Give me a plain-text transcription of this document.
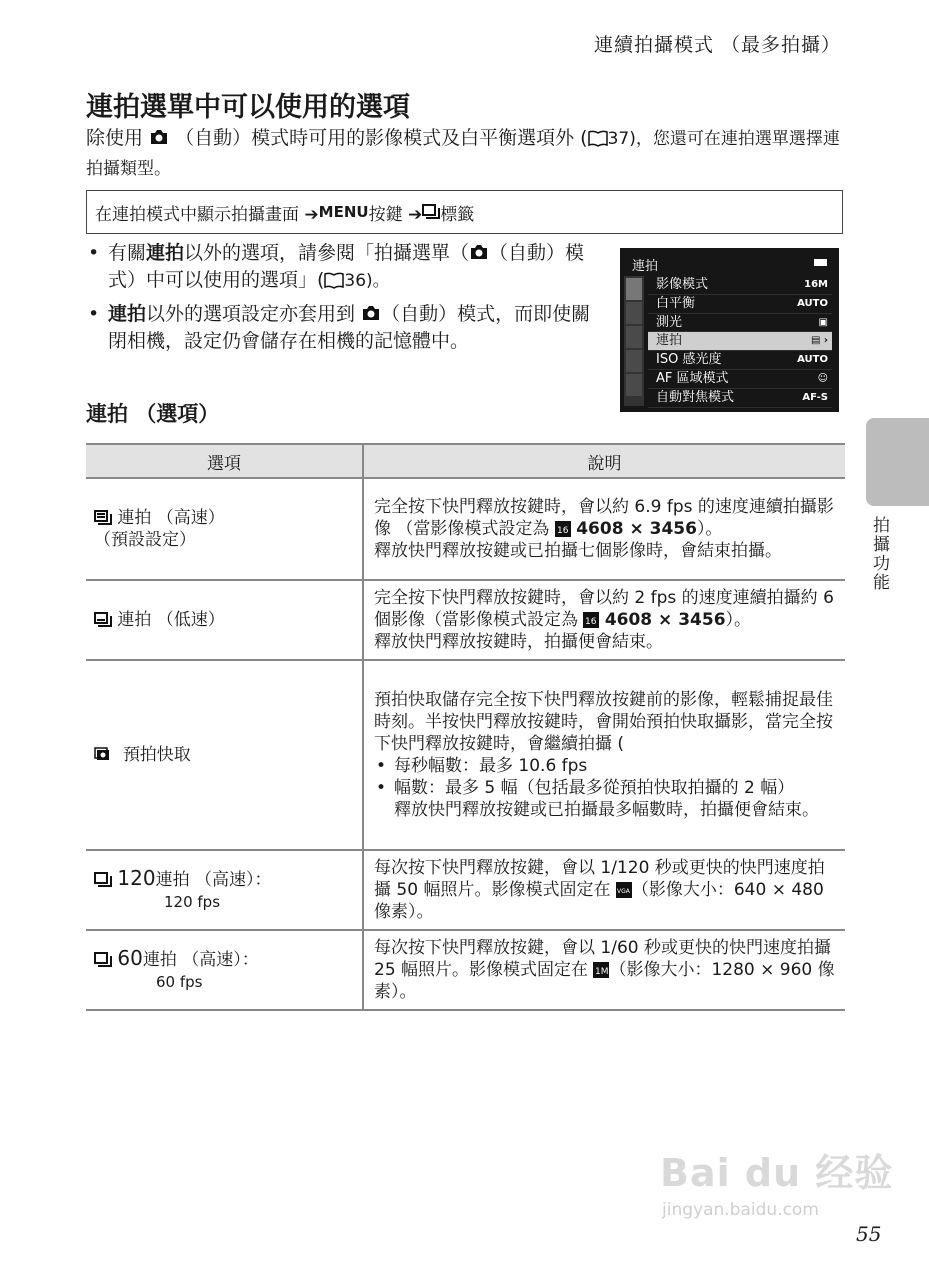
連續拍攝模式 （最多拍攝）
連拍選單中可以使用的選項
除使用 （自動）模式時可用的影像模式及白平衡選項外 ( 37)，您還可在連拍選單選擇連拍攝類型。
在連拍模式中顯示拍攝畫面 ➔ MENU 按鍵 ➔ 標籤
• 有關連拍以外的選項，請參閱「拍攝選單（ （自動）模式）中可以使用的選項」( 36)。
• 連拍以外的選項設定亦套用到 （自動）模式，而即使關閉相機，設定仍會儲存在相機的記憶體中。
連拍
影像模式	16M
白平衡	AUTO
測光	▣
連拍	▤ ›
ISO 感光度	AUTO
AF 區域模式	☺
自動對焦模式	AF-S
連拍 （選項）
選項	說明
連拍 （高速）
（預設設定）	完全按下快門釋放按鍵時，會以約 6.9 fps 的速度連續拍攝影像 （當影像模式設定為 16 4608 × 3456）。
釋放快門釋放按鍵或已拍攝七個影像時，會結束拍攝。
連拍 （低速）	完全按下快門釋放按鍵時，會以約 2 fps 的速度連續拍攝約 6 個影像（當影像模式設定為 16 4608 × 3456）。
釋放快門釋放按鍵時，拍攝便會結束。
預拍快取	預拍快取儲存完全按下快門釋放按鍵前的影像，輕鬆捕捉最佳時刻。半按快門釋放按鍵時，會開始預拍快取攝影，當完全按下快門釋放按鍵時，會繼續拍攝 (
• 每秒幅數：最多 10.6 fps
• 幅數：最多 5 幅（包括最多從預拍快取拍攝的 2 幅）
釋放快門釋放按鍵或已拍攝最多幅數時，拍攝便會結束。

120連拍 （高速）：
120 fps	每次按下快門釋放按鍵，會以 1/120 秒或更快的快門速度拍攝 50 幅照片。影像模式固定在 VGA （影像大小：640 × 480 像素）。
60連拍 （高速）：
60 fps	每次按下快門釋放按鍵，會以 1/60 秒或更快的快門速度拍攝 25 幅照片。影像模式固定在 1M （影像大小：1280 × 960 像素）。
拍攝功能
Bai du 经验
jingyan.baidu.com
55
